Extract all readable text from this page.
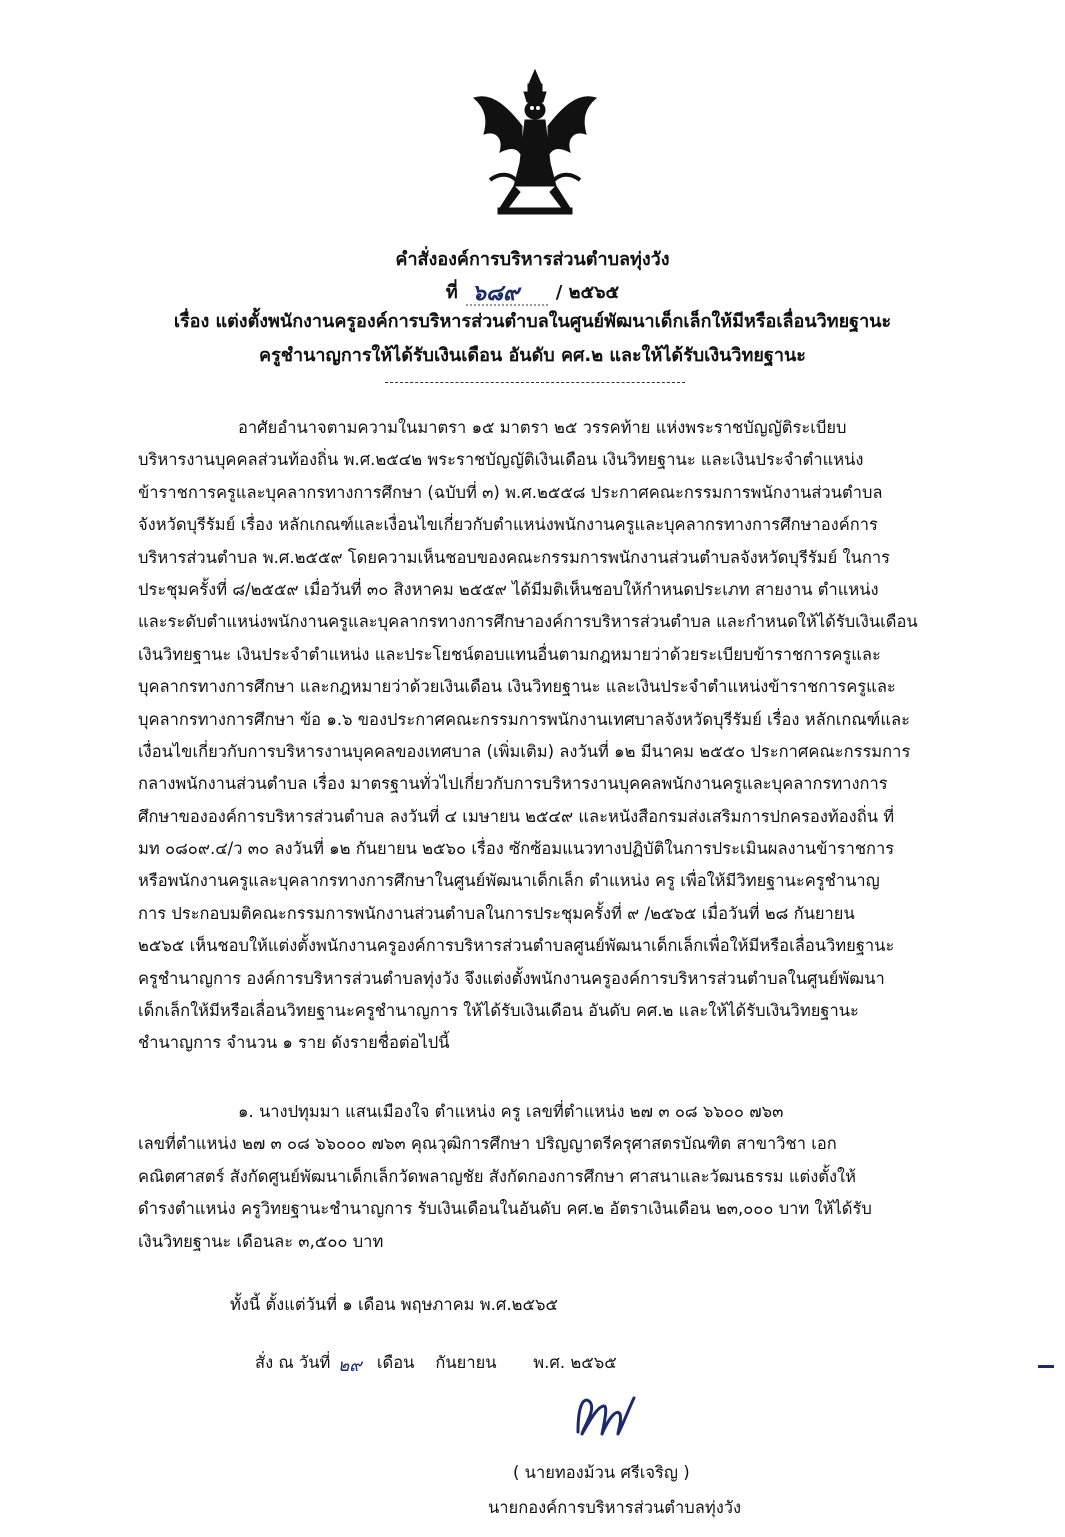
คำสั่งองค์การบริหารส่วนตำบลทุ่งวัง
ที่ ๖๘๙ / ๒๕๖๕
เรื่อง แต่งตั้งพนักงานครูองค์การบริหารส่วนตำบลในศูนย์พัฒนาเด็กเล็กให้มีหรือเลื่อนวิทยฐานะ
ครูชำนาญการให้ได้รับเงินเดือน อันดับ คศ.๒ และให้ได้รับเงินวิทยฐานะ
อาศัยอำนาจตามความในมาตรา ๑๕ มาตรา ๒๕ วรรคท้าย แห่งพระราชบัญญัติระเบียบ
บริหารงานบุคคลส่วนท้องถิ่น พ.ศ.๒๕๔๒ พระราชบัญญัติเงินเดือน เงินวิทยฐานะ และเงินประจำตำแหน่ง
ข้าราชการครูและบุคลากรทางการศึกษา (ฉบับที่ ๓) พ.ศ.๒๕๕๘ ประกาศคณะกรรมการพนักงานส่วนตำบล
จังหวัดบุรีรัมย์ เรื่อง หลักเกณฑ์และเงื่อนไขเกี่ยวกับตำแหน่งพนักงานครูและบุคลากรทางการศึกษาองค์การ
บริหารส่วนตำบล พ.ศ.๒๕๕๙ โดยความเห็นชอบของคณะกรรมการพนักงานส่วนตำบลจังหวัดบุรีรัมย์ ในการ
ประชุมครั้งที่ ๘/๒๕๕๙ เมื่อวันที่ ๓๐ สิงหาคม ๒๕๕๙ ได้มีมติเห็นชอบให้กำหนดประเภท สายงาน ตำแหน่ง
และระดับตำแหน่งพนักงานครูและบุคลากรทางการศึกษาองค์การบริหารส่วนตำบล และกำหนดให้ได้รับเงินเดือน
เงินวิทยฐานะ เงินประจำตำแหน่ง และประโยชน์ตอบแทนอื่นตามกฎหมายว่าด้วยระเบียบข้าราชการครูและ
บุคลากรทางการศึกษา และกฎหมายว่าด้วยเงินเดือน เงินวิทยฐานะ และเงินประจำตำแหน่งข้าราชการครูและ
บุคลากรทางการศึกษา ข้อ ๑.๖ ของประกาศคณะกรรมการพนักงานเทศบาลจังหวัดบุรีรัมย์ เรื่อง หลักเกณฑ์และ
เงื่อนไขเกี่ยวกับการบริหารงานบุคคลของเทศบาล (เพิ่มเติม) ลงวันที่ ๑๒ มีนาคม ๒๕๕๐ ประกาศคณะกรรมการ
กลางพนักงานส่วนตำบล เรื่อง มาตรฐานทั่วไปเกี่ยวกับการบริหารงานบุคคลพนักงานครูและบุคลากรทางการ
ศึกษาขององค์การบริหารส่วนตำบล ลงวันที่ ๔ เมษายน ๒๕๔๙ และหนังสือกรมส่งเสริมการปกครองท้องถิ่น ที่
มท ๐๘๐๙.๔/ว ๓๐ ลงวันที่ ๑๒ กันยายน ๒๕๖๐ เรื่อง ซักซ้อมแนวทางปฏิบัติในการประเมินผลงานข้าราชการ
หรือพนักงานครูและบุคลากรทางการศึกษาในศูนย์พัฒนาเด็กเล็ก ตำแหน่ง ครู เพื่อให้มีวิทยฐานะครูชำนาญ
การ ประกอบมติคณะกรรมการพนักงานส่วนตำบลในการประชุมครั้งที่ ๙ /๒๕๖๕ เมื่อวันที่ ๒๘ กันยายน
๒๕๖๕ เห็นชอบให้แต่งตั้งพนักงานครูองค์การบริหารส่วนตำบลศูนย์พัฒนาเด็กเล็กเพื่อให้มีหรือเลื่อนวิทยฐานะ
ครูชำนาญการ องค์การบริหารส่วนตำบลทุ่งวัง จึงแต่งตั้งพนักงานครูองค์การบริหารส่วนตำบลในศูนย์พัฒนา
เด็กเล็กให้มีหรือเลื่อนวิทยฐานะครูชำนาญการ ให้ได้รับเงินเดือน อันดับ คศ.๒ และให้ได้รับเงินวิทยฐานะ
ชำนาญการ จำนวน ๑ ราย ดังรายชื่อต่อไปนี้
๑. นางปทุมมา แสนเมืองใจ ตำแหน่ง ครู เลขที่ตำแหน่ง ๒๗ ๓ ๐๘ ๖๖๐๐ ๗๖๓
เลขที่ตำแหน่ง ๒๗ ๓ ๐๘ ๖๖๐๐๐ ๗๖๓ คุณวุฒิการศึกษา ปริญญาตรีครุศาสตรบัณฑิต สาขาวิชา เอก
คณิตศาสตร์ สังกัดศูนย์พัฒนาเด็กเล็กวัดพลาญชัย สังกัดกองการศึกษา ศาสนาและวัฒนธรรม แต่งตั้งให้
ดำรงตำแหน่ง ครูวิทยฐานะชำนาญการ รับเงินเดือนในอันดับ คศ.๒ อัตราเงินเดือน ๒๓,๐๐๐ บาท ให้ได้รับ
เงินวิทยฐานะ เดือนละ ๓,๕๐๐ บาท
ทั้งนี้ ตั้งแต่วันที่ ๑ เดือน พฤษภาคม พ.ศ.๒๕๖๕
สั่ง ณ วันที่ ๒๙ เดือน กันยายน พ.ศ. ๒๕๖๕
( นายทองม้วน ศรีเจริญ )
นายกองค์การบริหารส่วนตำบลทุ่งวัง
